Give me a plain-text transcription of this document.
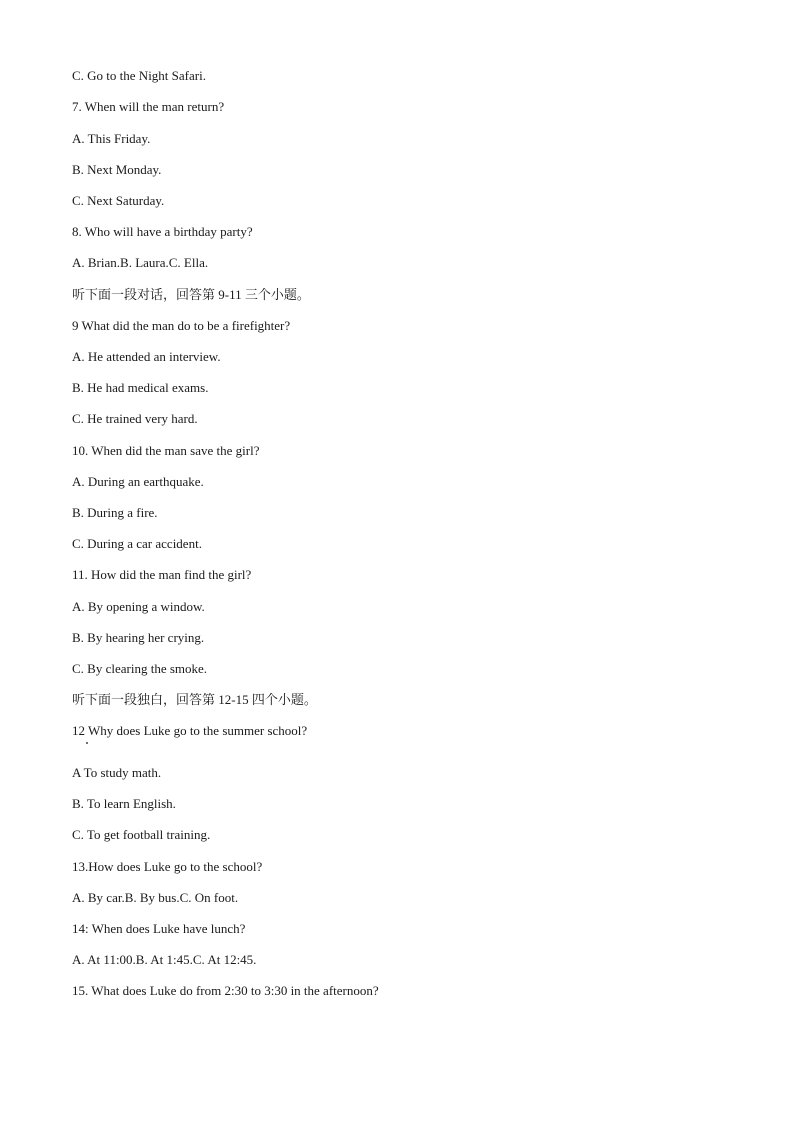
C. Go to the Night Safari.
7. When will the man return?
A. This Friday.
B. Next Monday.
C. Next Saturday.
8. Who will have a birthday party?
A. Brian.B. Laura.C. Ella.
听下面一段对话，回答第 9-11 三个小题。
9 What did the man do to be a firefighter?
A. He attended an interview.
B. He had medical exams.
C. He trained very hard.
10. When did the man save the girl?
A. During an earthquake.
B. During a fire.
C. During a car accident.
11. How did the man find the girl?
A. By opening a window.
B. By hearing her crying.
C. By clearing the smoke.
听下面一段独白，回答第 12-15 四个小题。
12 Why does Luke go to the summer school?
A To study math.
B. To learn English.
C. To get football training.
13.How does Luke go to the school?
A. By car.B. By bus.C. On foot.
14: When does Luke have lunch?
A. At 11:00.B. At 1:45.C. At 12:45.
15. What does Luke do from 2:30 to 3:30 in the afternoon?
